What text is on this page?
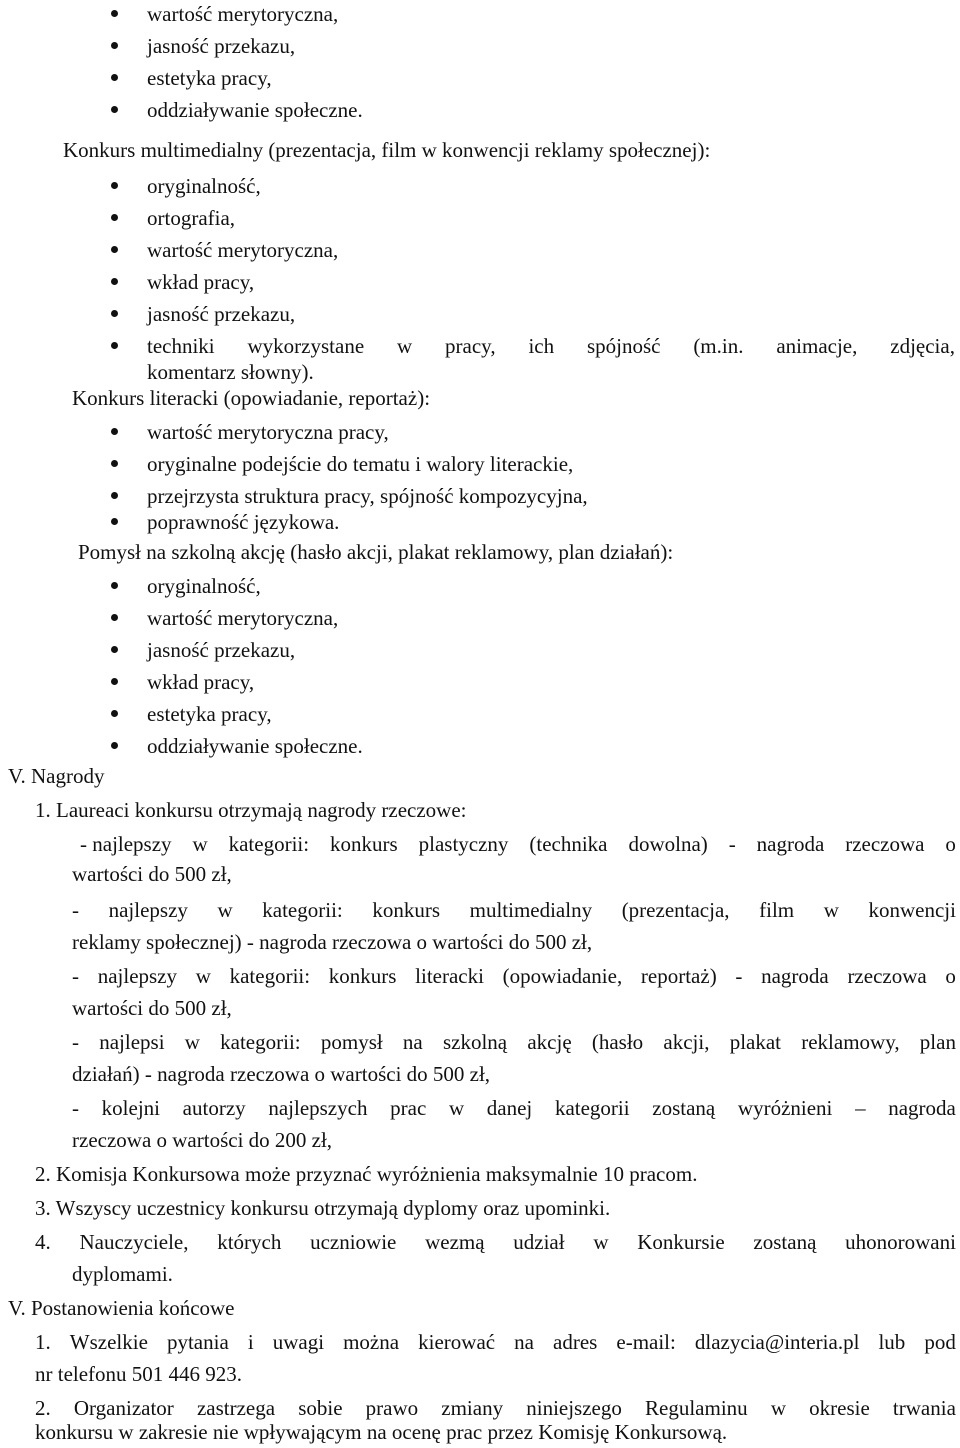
wartość merytoryczna,
jasność przekazu,
estetyka pracy,
oddziaływanie społeczne.
Konkurs multimedialny (prezentacja, film w konwencji reklamy społecznej):
oryginalność,
ortografia,
wartość merytoryczna,
wkład pracy,
jasność przekazu,
techniki wykorzystane w pracy, ich spójność (m.in. animacje, zdjęcia,
komentarz słowny).
Konkurs literacki (opowiadanie, reportaż):
wartość merytoryczna pracy,
oryginalne podejście do tematu i walory literackie,
przejrzysta struktura pracy, spójność kompozycyjna,
poprawność językowa.
Pomysł na szkolną akcję (hasło akcji, plakat reklamowy, plan działań):
oryginalność,
wartość merytoryczna,
jasność przekazu,
wkład pracy,
estetyka pracy,
oddziaływanie społeczne.
V. Nagrody
1. Laureaci konkursu otrzymają nagrody rzeczowe:
- najlepszy w kategorii: konkurs plastyczny (technika dowolna) - nagroda rzeczowa o
wartości do 500 zł,
- najlepszy w kategorii: konkurs multimedialny (prezentacja, film w konwencji
reklamy społecznej) - nagroda rzeczowa o wartości do 500 zł,
- najlepszy w kategorii: konkurs literacki (opowiadanie, reportaż) - nagroda rzeczowa o
wartości do 500 zł,
- najlepsi w kategorii: pomysł na szkolną akcję (hasło akcji, plakat reklamowy, plan
działań) - nagroda rzeczowa o wartości do 500 zł,
- kolejni autorzy najlepszych prac w danej kategorii zostaną wyróżnieni – nagroda
rzeczowa o wartości do 200 zł,
2. Komisja Konkursowa może przyznać wyróżnienia maksymalnie 10 pracom.
3. Wszyscy uczestnicy konkursu otrzymają dyplomy oraz upominki.
4. Nauczyciele, których uczniowie wezmą udział w Konkursie zostaną uhonorowani
dyplomami.
V. Postanowienia końcowe
1. Wszelkie pytania i uwagi można kierować na adres e-mail: dlazycia@interia.pl lub pod
nr telefonu 501 446 923.
2. Organizator zastrzega sobie prawo zmiany niniejszego Regulaminu w okresie trwania
konkursu w zakresie nie wpływającym na ocenę prac przez Komisję Konkursową.
